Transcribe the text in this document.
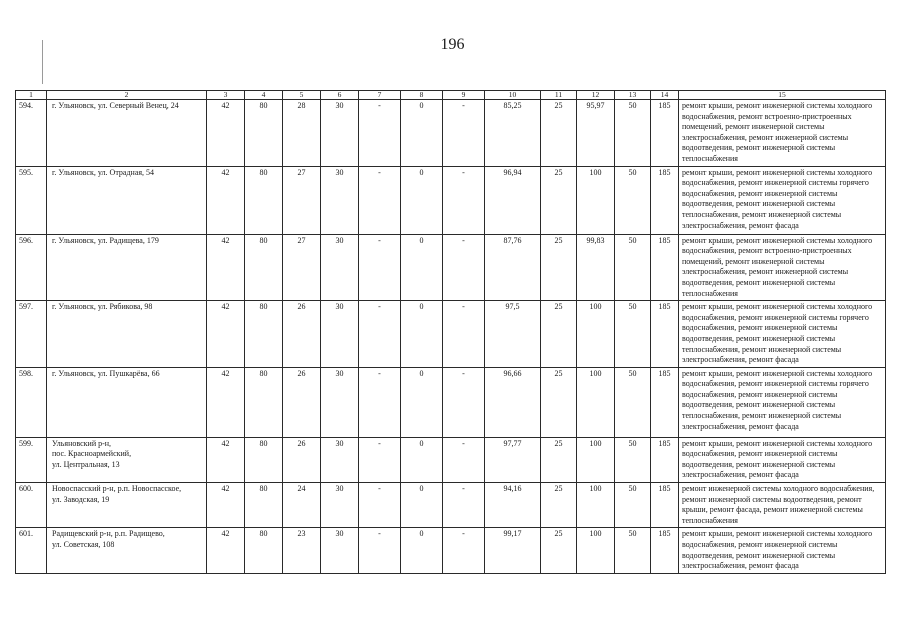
196
1	2	3	4	5	6	7	8	9	10	11	12	13	14	15
594.	г. Ульяновск, ул. Северный Венец, 24	42	80	28	30	-	0	-	85,25	25	95,97	50	185	ремонт крыши, ремонт инженерной системы холодного водоснабжения, ремонт встроенно-пристроенных помещений, ремонт инженерной системы электроснабжения, ремонт инженерной системы водоотведения, ремонт инженерной системы теплоснабжения
595.	г. Ульяновск, ул. Отрадная, 54	42	80	27	30	-	0	-	96,94	25	100	50	185	ремонт крыши, ремонт инженерной системы холодного водоснабжения, ремонт инженерной системы горячего водоснабжения, ремонт инженерной системы водоотведения, ремонт инженерной системы теплоснабжения, ремонт инженерной системы электроснабжения, ремонт фасада
596.	г. Ульяновск, ул. Радищева, 179	42	80	27	30	-	0	-	87,76	25	99,83	50	185	ремонт крыши, ремонт инженерной системы холодного водоснабжения, ремонт встроенно-пристроенных помещений, ремонт инженерной системы электроснабжения, ремонт инженерной системы водоотведения, ремонт инженерной системы теплоснабжения
597.	г. Ульяновск, ул. Рябикова, 98	42	80	26	30	-	0	-	97,5	25	100	50	185	ремонт крыши, ремонт инженерной системы холодного водоснабжения, ремонт инженерной системы горячего водоснабжения, ремонт инженерной системы водоотведения, ремонт инженерной системы теплоснабжения, ремонт инженерной системы электроснабжения, ремонт фасада
598.	г. Ульяновск, ул. Пушкарёва, 66	42	80	26	30	-	0	-	96,66	25	100	50	185	ремонт крыши, ремонт инженерной системы холодного водоснабжения, ремонт инженерной системы горячего водоснабжения, ремонт инженерной системы водоотведения, ремонт инженерной системы теплоснабжения, ремонт инженерной системы электроснабжения, ремонт фасада
599.	Ульяновский р-н,
пос. Красноармейский,
ул. Центральная, 13	42	80	26	30	-	0	-	97,77	25	100	50	185	ремонт крыши, ремонт инженерной системы холодного водоснабжения, ремонт инженерной системы водоотведения, ремонт инженерной системы электроснабжения, ремонт фасада
600.	Новоспасский р-н, р.п. Новоспасское,
ул. Заводская, 19	42	80	24	30	-	0	-	94,16	25	100	50	185	ремонт инженерной системы холодного водоснабжения, ремонт инженерной системы водоотведения, ремонт крыши, ремонт фасада, ремонт инженерной системы теплоснабжения
601.	Радищевский р-н, р.п. Радищево,
ул. Советская, 108	42	80	23	30	-	0	-	99,17	25	100	50	185	ремонт крыши, ремонт инженерной системы холодного водоснабжения, ремонт инженерной системы водоотведения, ремонт инженерной системы электроснабжения, ремонт фасада
